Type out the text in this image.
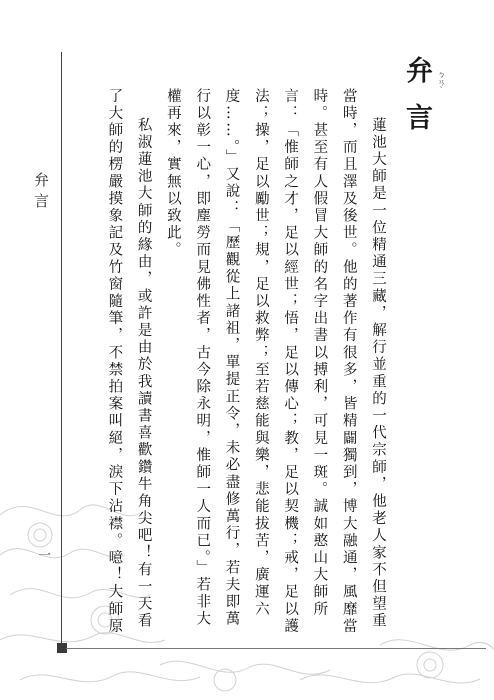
弁言
一
弁言 ㄅㄢˋ

蓮池大師是一位精通三藏，解行並重的一代宗師，他老人家不但望重當時，而且澤及後世。他的著作有很多，皆精闢獨到，博大融通，風靡當時。甚至有人假冒大師的名字出書以搏利，可見一斑。誠如憨山大師所言：「惟師之才，足以經世；悟，足以傳心；教，足以契機；戒，足以護法；操，足以勵世；規，足以救弊；至若慈能與樂，悲能拔苦，廣運六度……。」又說：「歷觀從上諸祖，單提正令，未必盡修萬行，若夫即萬行以彰一心，即塵勞而見佛性者，古今除永明，惟師一人而已。」若非大權再來，實無以致此。

私淑蓮池大師的緣由，或許是由於我讀書喜歡鑽牛角尖吧！有一天看了大師的楞嚴摸象記及竹窗隨筆，不禁拍案叫絕，淚下沾襟。噫！大師原
